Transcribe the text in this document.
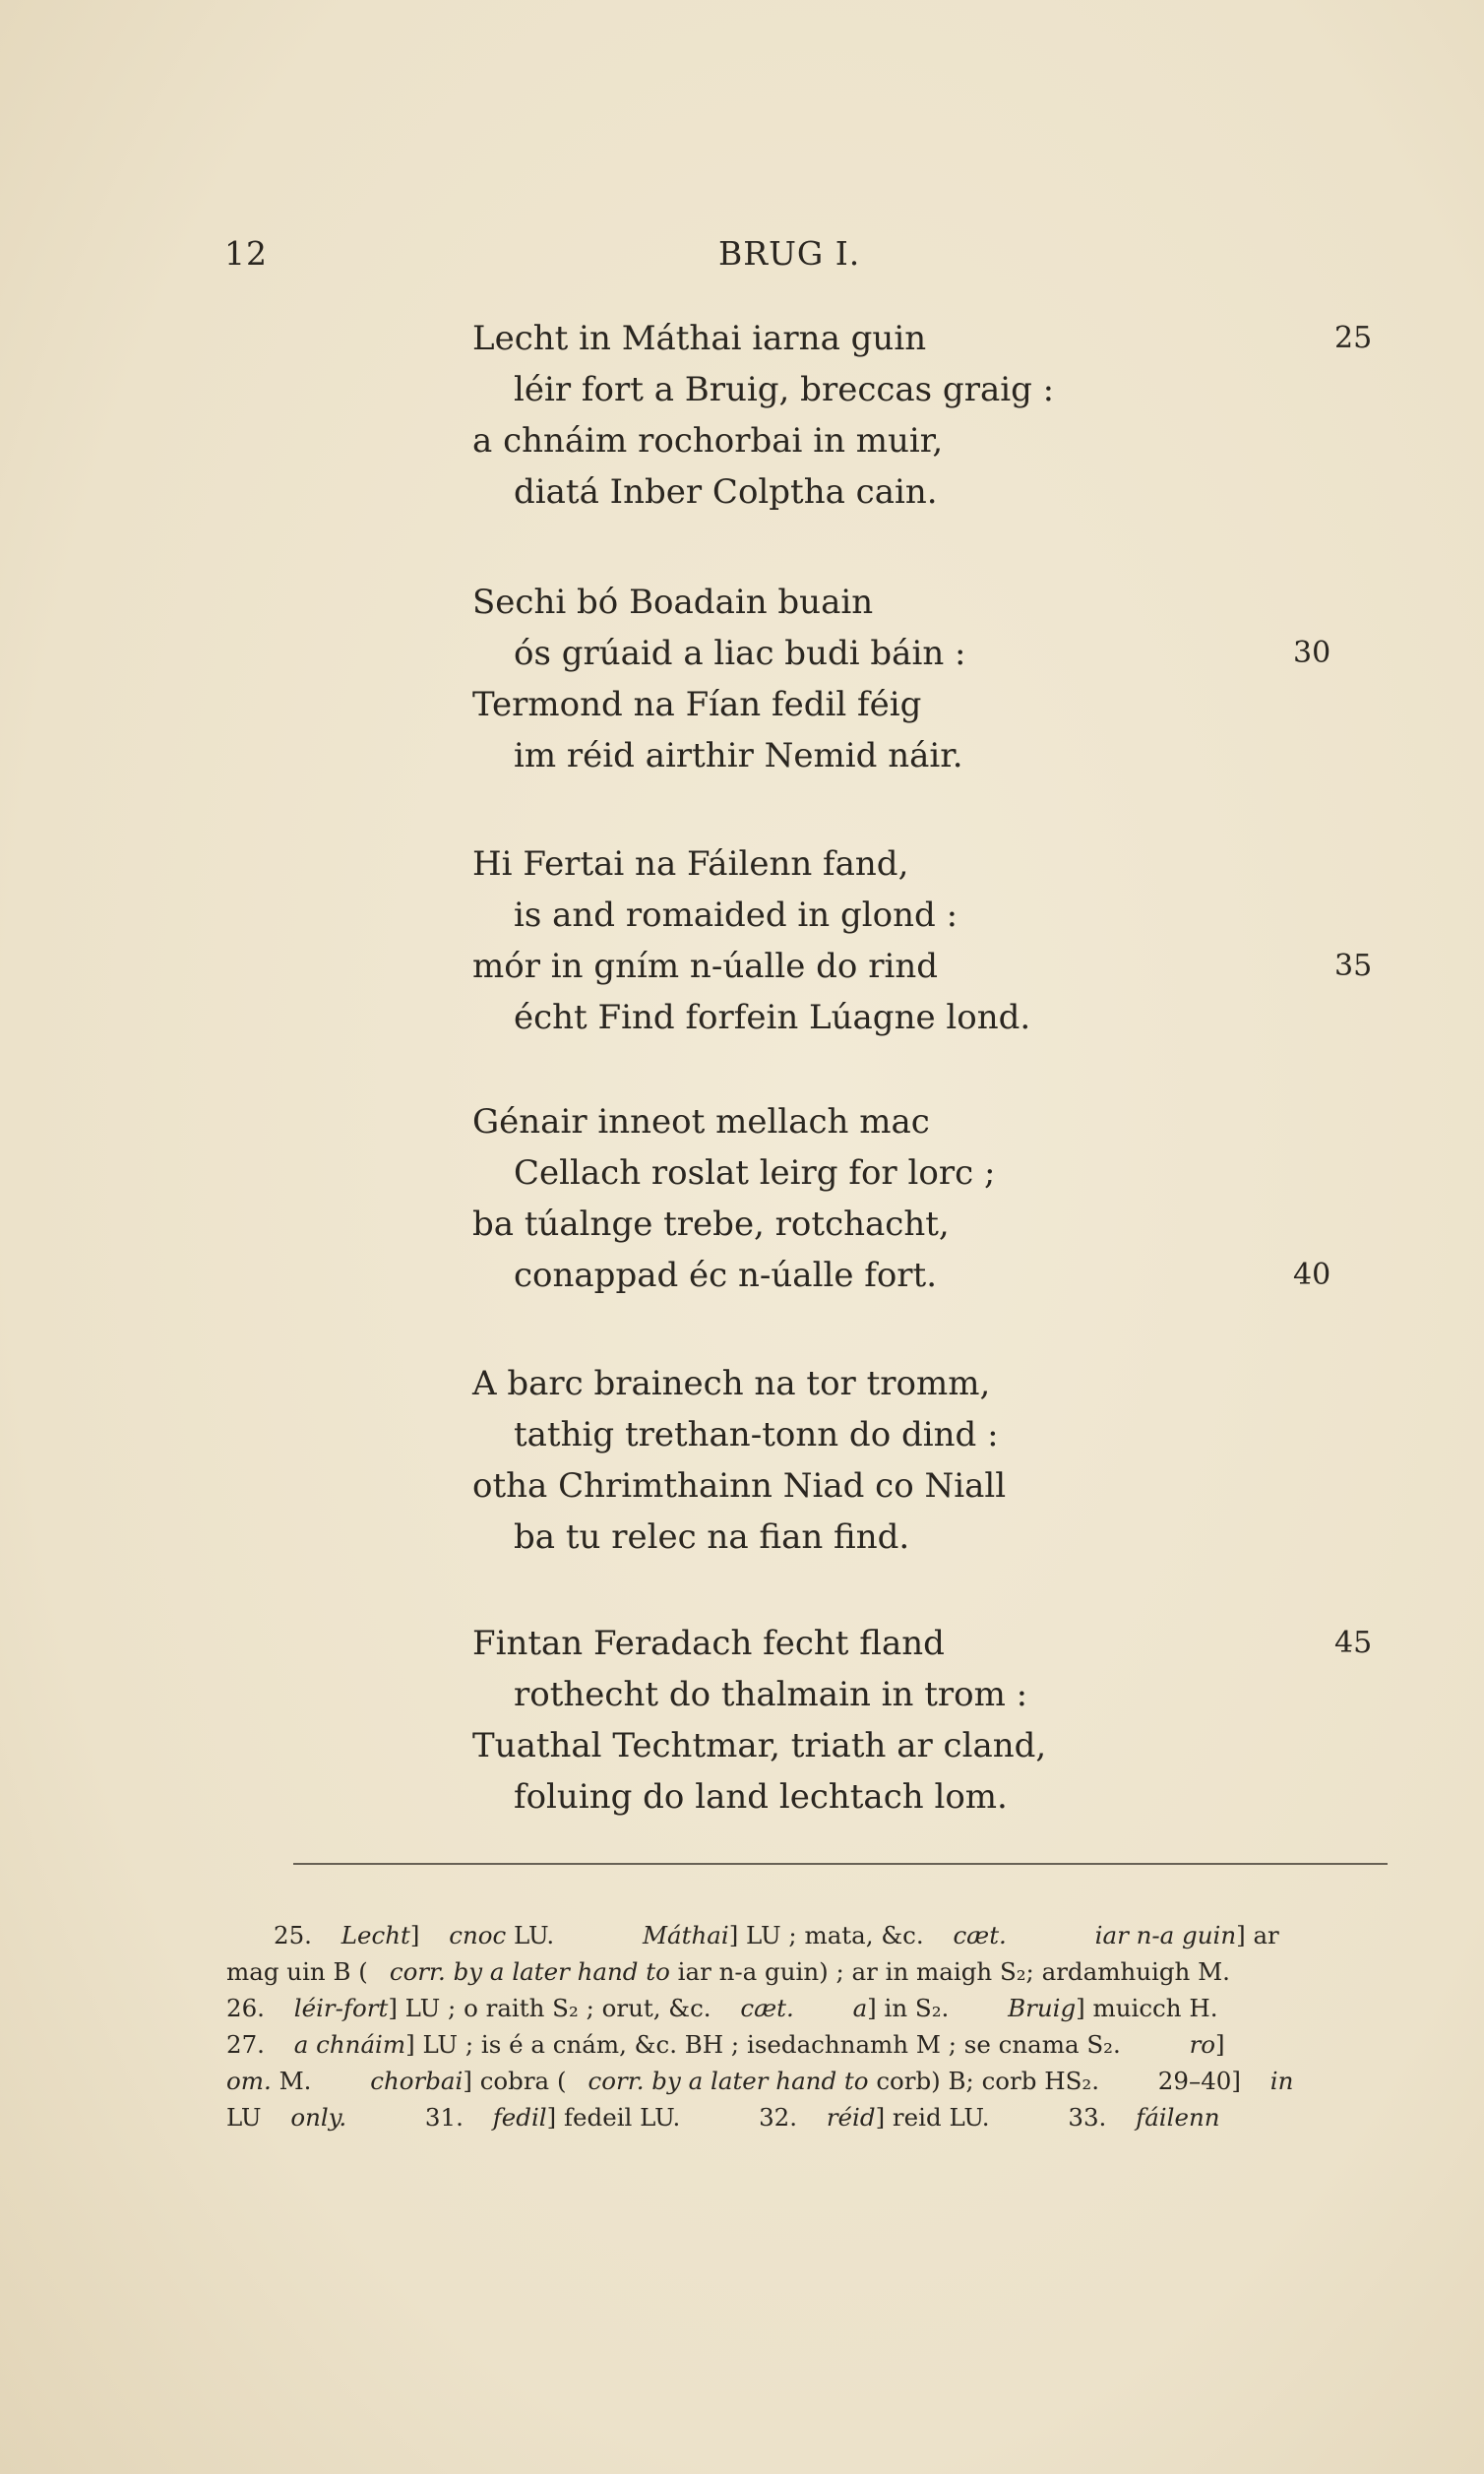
12	BRUG I.
Lecht in Máthai iarna guin	25
léir fort a Bruig, breccas graig :
a chnáim rochorbai in muir,
diatá Inber Colptha cain.
Sechi bó Boadain buain
ós grúaid a liac budi báin :	30
Termond na Fían fedil féig
im réid airthir Nemid náir.
Hi Fertai na Fáilenn fand,
is and romaided in glond :
mór in gním n-úalle do rind	35
écht Find forfein Lúagne lond.
Génair inneot mellach mac
Cellach roslat leirg for lorc ;
ba túalnge trebe, rotchacht,
conappad éc n-úalle fort.	40
A barc brainech na tor tromm,
tathig trethan-tonn do dind :
otha Chrimthainn Niad co Niall
ba tu relec na fian find.
Fintan Feradach fecht fland	45
rothecht do thalmain in trom :
Tuathal Techtmar, triath ar cland,
foluing do land lechtach lom.
25. Lecht] cnoc LU.	Máthai] LU ; mata, &c. cæt.	iar n-a guin] ar
mag uin B ( corr. by a later hand to iar n-a guin) ; ar in maigh S₂; ardamhuigh M.
26. léir-fort] LU ; o raith S₂ ; orut, &c. cæt. a] in S₂. Bruig] muicch H.
27. a chnáim] LU ; is é a cnám, &c. BH ; isedachnamh M ; se cnama S₂.	ro]
om. M. chorbai] cobra ( corr. by a later hand to corb) B; corb HS₂. 29–40] in
LU only.	31. fedil] fedeil LU.	32. réid] reid LU.	33. fáilenn
